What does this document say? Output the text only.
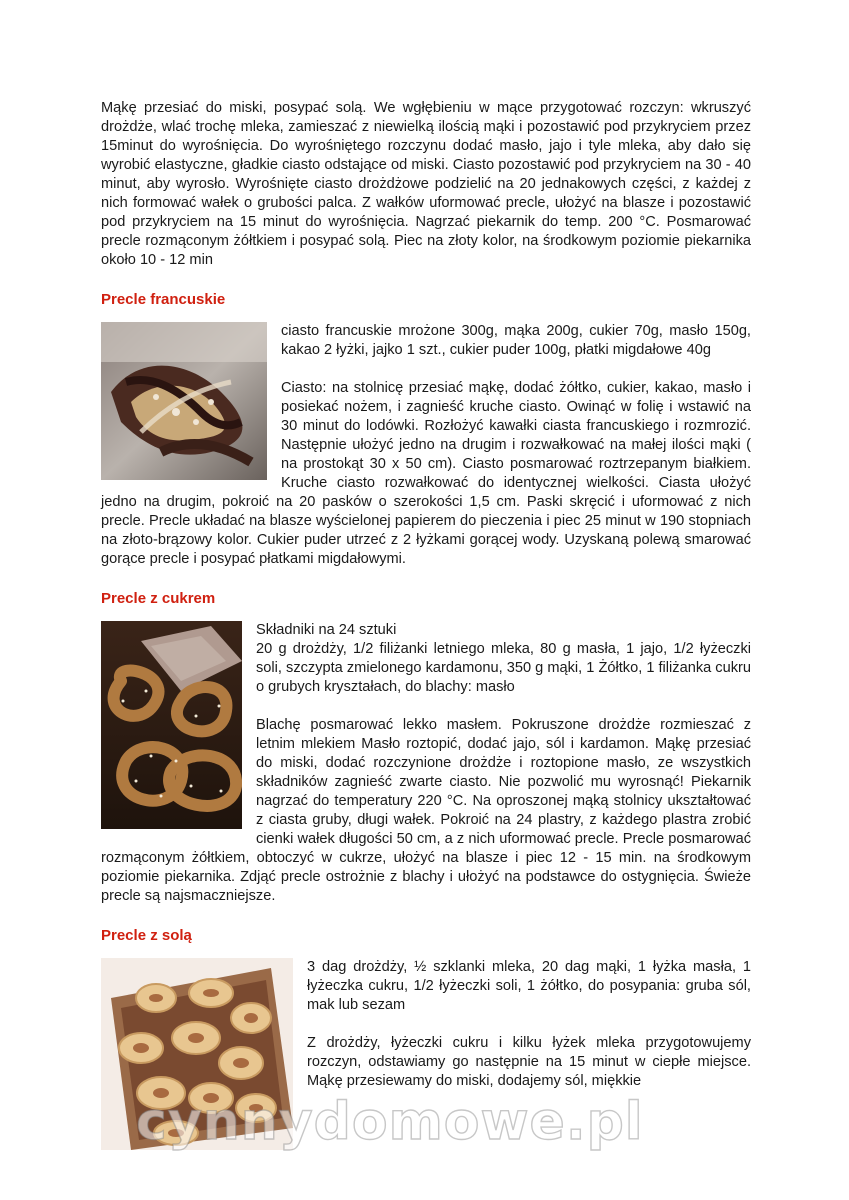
Mąkę przesiać do miski, posypać solą. We wgłębieniu w mące przygotować rozczyn: wkruszyć drożdże, wlać trochę mleka, zamieszać z niewielką ilością mąki i pozostawić pod przykryciem przez 15minut do wyrośnięcia. Do wyrośniętego rozczynu dodać masło, jajo i tyle mleka, aby dało się wyrobić elastyczne, gładkie ciasto odstające od miski. Ciasto pozostawić pod przykryciem na 30 - 40 minut, aby wyrosło. Wyrośnięte ciasto drożdżowe podzielić na 20 jednakowych części, z każdej z nich formować wałek o grubości palca. Z wałków uformować precle, ułożyć na blasze i pozostawić pod przykryciem na 15 minut do wyrośnięcia. Nagrzać piekarnik do temp. 200 °C. Posmarować precle rozmąconym żółtkiem i posypać solą. Piec na złoty kolor, na środkowym poziomie piekarnika około 10 - 12 min

Precle francuskie

ciasto francuskie mrożone 300g, mąka 200g, cukier 70g, masło 150g, kakao 2 łyżki, jajko 1 szt., cukier puder 100g, płatki migdałowe 40g

Ciasto: na stolnicę przesiać mąkę, dodać żółtko, cukier, kakao, masło i posiekać nożem, i zagnieść kruche ciasto. Owinąć w folię i wstawić na 30 minut do lodówki. Rozłożyć kawałki ciasta francuskiego i rozmrozić. Następnie ułożyć jedno na drugim i rozwałkować na małej ilości mąki ( na prostokąt 30 x 50 cm). Ciasto posmarować roztrzepanym białkiem. Kruche ciasto rozwałkować do identycznej wielkości. Ciasta ułożyć jedno na drugim, pokroić na 20 pasków o szerokości 1,5 cm. Paski skręcić i uformować z nich precle. Precle układać na blasze wyścielonej papierem do pieczenia i piec 25 minut w 190 stopniach na złoto-brązowy kolor. Cukier puder utrzeć z 2 łyżkami gorącej wody. Uzyskaną polewą smarować gorące precle i posypać płatkami migdałowymi.

Precle z cukrem

Składniki na 24 sztuki

20 g drożdży, 1/2 filiżanki letniego mleka, 80 g masła, 1 jajo, 1/2 łyżeczki soli, szczypta zmielonego kardamonu, 350 g mąki, 1 Żółtko, 1 filiżanka cukru o grubych kryształach, do blachy: masło

Blachę posmarować lekko masłem. Pokruszone drożdże rozmieszać z letnim mlekiem Masło roztopić, dodać jajo, sól i kardamon. Mąkę przesiać do miski, dodać rozczynione drożdże i roztopione masło, ze wszystkich składników zagnieść zwarte ciasto. Nie pozwolić mu wyrosnąć! Piekarnik nagrzać do temperatury 220 °C. Na oproszonej mąką stolnicy ukształtować z ciasta gruby, długi wałek. Pokroić na 24 plastry, z każdego plastra zrobić cienki wałek długości 50 cm, a z nich uformować precle. Precle posmarować rozmąconym żółtkiem, obtoczyć w cukrze, ułożyć na blasze i piec 12 - 15 min. na środkowym poziomie piekarnika. Zdjąć precle ostrożnie z blachy i ułożyć na podstawce do ostygnięcia. Świeże precle są najsmaczniejsze.

Precle z solą

3 dag drożdży, ½ szklanki mleka, 20 dag mąki, 1 łyżka masła, 1 łyżeczka cukru, 1/2 łyżeczki soli, 1 żółtko, do posypania: gruba sól, mak lub sezam

Z drożdży, łyżeczki cukru i kilku łyżek mleka przygotowujemy rozczyn, odstawiamy go następnie na 15 minut w ciepłe miejsce. Mąkę przesiewamy do miski, dodajemy sól, miękkie

cynnydomowe.pl
